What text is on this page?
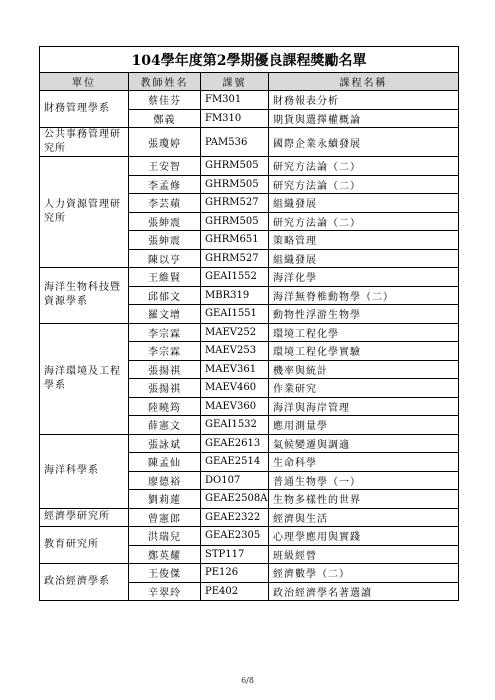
104學年度第2學期優良課程獎勵名單			
單位	教師姓名	課號	課程名稱
財務管理學系	蔡佳芬	FM301	財務報表分析
	鄭義	FM310	期貨與選擇權概論
公共事務管理研究所	張瓊婷	PAM536	國際企業永續發展
人力資源管理研究所	王安智	GHRM505	研究方法論（二）
	李孟修	GHRM505	研究方法論（二）
	李芸蘋	GHRM527	組織發展
	張紳震	GHRM505	研究方法論（二）
	張紳震	GHRM651	策略管理
	陳以亨	GHRM527	組織發展
海洋生物科技暨資源學系	王維賢	GEAI1552	海洋化學
	邱郁文	MBR319	海洋無脊椎動物學（二）
	羅文增	GEAI1551	動物性浮游生物學
海洋環境及工程學系	李宗霖	MAEV252	環境工程化學
	李宗霖	MAEV253	環境工程化學實驗
	張揚祺	MAEV361	機率與統計
	張揚祺	MAEV460	作業研究
	陸曉筠	MAEV360	海洋與海岸管理
	薛憲文	GEAI1532	應用測量學
海洋科學系	張詠斌	GEAE2613	氣候變遷與調適
	陳孟仙	GEAE2514	生命科學
	廖德裕	DO107	普通生物學（一）
	劉莉蓮	GEAE2508A	生物多樣性的世界
經濟學研究所	曾憲郎	GEAE2322	經濟與生活
教育研究所	洪瑞兒	GEAE2305	心理學應用與實踐
	鄭英耀	STP117	班級經營
政治經濟學系	王俊傑	PE126	經濟數學（二）
	辛翠玲	PE402	政治經濟學名著選讀
6/8
